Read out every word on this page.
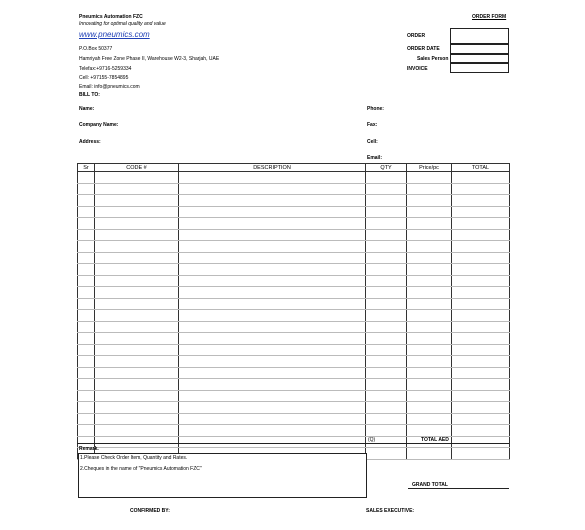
Pneumics Automation FZC
Innovating for optimal quality and value
www.pneumics.com
P.O.Box 50377
Hamriyah Free Zone Phase II, Warehouse W2-3, Sharjah, UAE
Telefax:+9716-5259334
Cell: +97155-7854895
Email: info@pneumics.com
ORDER FORM
ORDER
ORDER DATE
Sales Person
INVOICE
BILL TO:
Name:
Company Name:
Address:
Phone:
Fax:
Cell:
Email:
Sr	CODE #	DESCRIPTION	QTY	Price/pc	TOTAL

(Q)	TOTAL AED
Remark.
1.Please Check Order Item, Quantity and Rates.
2.Cheques in the name of "Pneumics Automation FZC"
GRAND TOTAL
CONFIRMED BY:	SALES EXECUTIVE:
